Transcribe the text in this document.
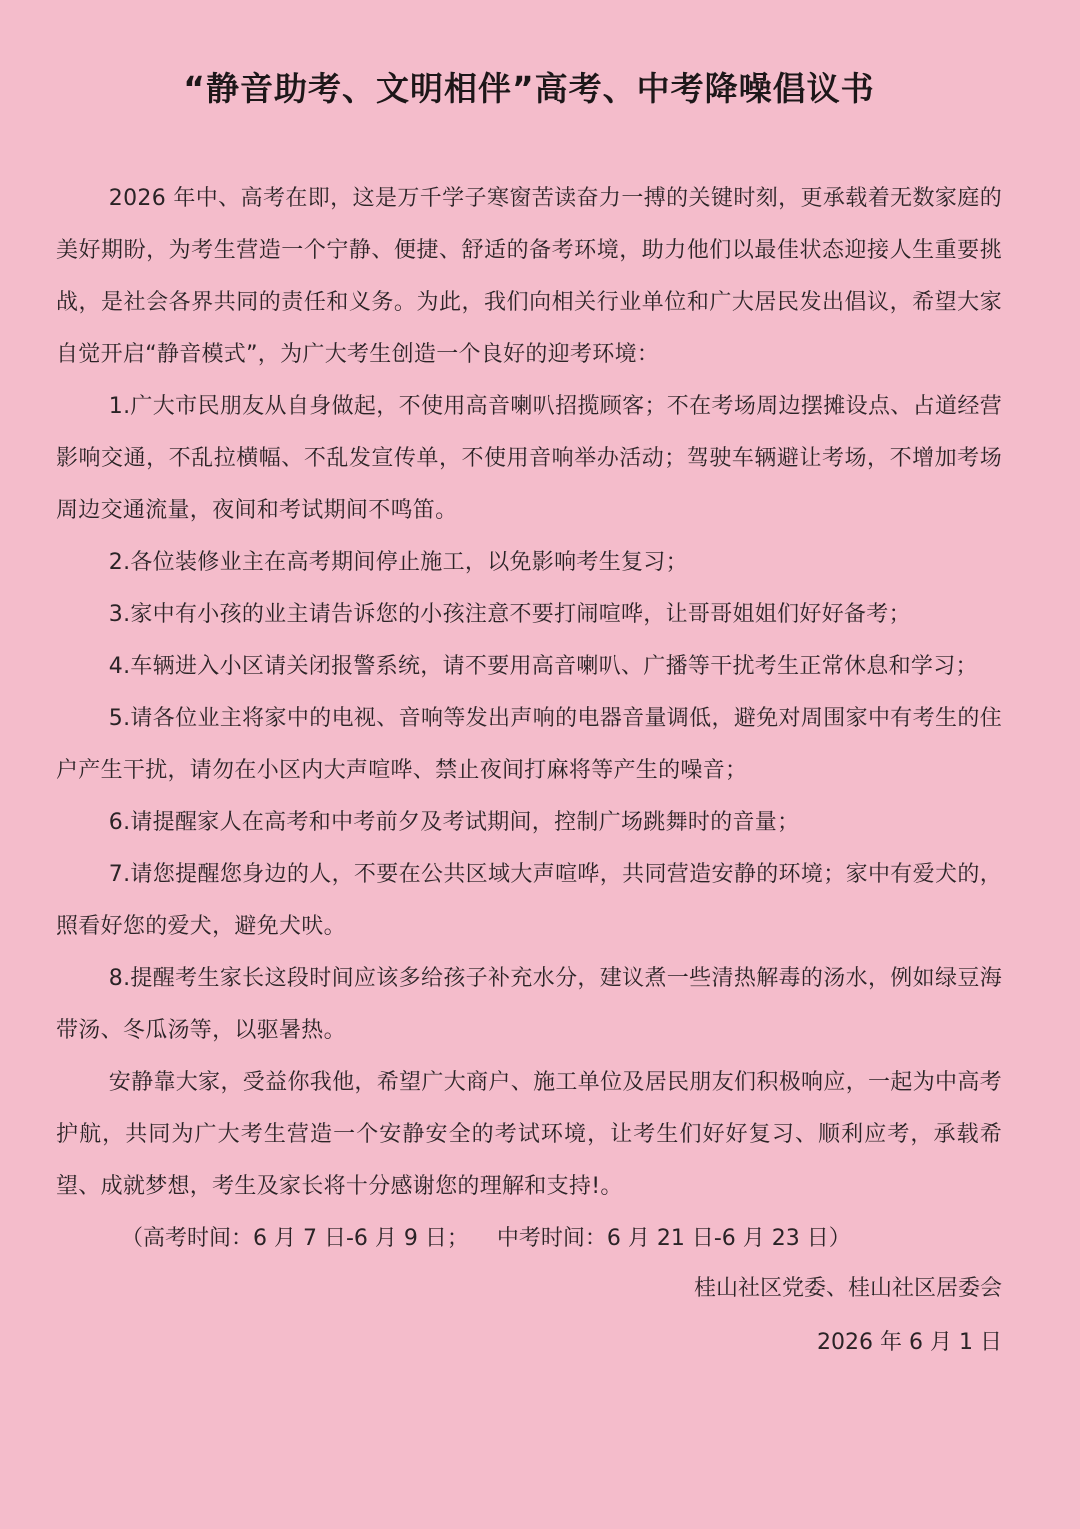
“静音助考、文明相伴”高考、中考降噪倡议书

2026 年中、高考在即，这是万千学子寒窗苦读奋力一搏的关键时刻，更承载着无数家庭的美好期盼，为考生营造一个宁静、便捷、舒适的备考环境，助力他们以最佳状态迎接人生重要挑战，是社会各界共同的责任和义务。为此，我们向相关行业单位和广大居民发出倡议，希望大家自觉开启“静音模式”，为广大考生创造一个良好的迎考环境：

1.广大市民朋友从自身做起，不使用高音喇叭招揽顾客；不在考场周边摆摊设点、占道经营影响交通，不乱拉横幅、不乱发宣传单，不使用音响举办活动；驾驶车辆避让考场，不增加考场周边交通流量，夜间和考试期间不鸣笛。

2.各位装修业主在高考期间停止施工，以免影响考生复习；

3.家中有小孩的业主请告诉您的小孩注意不要打闹喧哗，让哥哥姐姐们好好备考；

4.车辆进入小区请关闭报警系统，请不要用高音喇叭、广播等干扰考生正常休息和学习；

5.请各位业主将家中的电视、音响等发出声响的电器音量调低，避免对周围家中有考生的住户产生干扰，请勿在小区内大声喧哗、禁止夜间打麻将等产生的噪音；

6.请提醒家人在高考和中考前夕及考试期间，控制广场跳舞时的音量；

7.请您提醒您身边的人，不要在公共区域大声喧哗，共同营造安静的环境；家中有爱犬的，照看好您的爱犬，避免犬吠。

8.提醒考生家长这段时间应该多给孩子补充水分，建议煮一些清热解毒的汤水，例如绿豆海带汤、冬瓜汤等，以驱暑热。

安静靠大家，受益你我他，希望广大商户、施工单位及居民朋友们积极响应，一起为中高考护航，共同为广大考生营造一个安静安全的考试环境，让考生们好好复习、顺利应考，承载希望、成就梦想，考生及家长将十分感谢您的理解和支持!。

（高考时间：6 月 7 日-6 月 9 日；    中考时间：6 月 21 日-6 月 23 日）

桂山社区党委、桂山社区居委会

2026 年 6 月 1 日
